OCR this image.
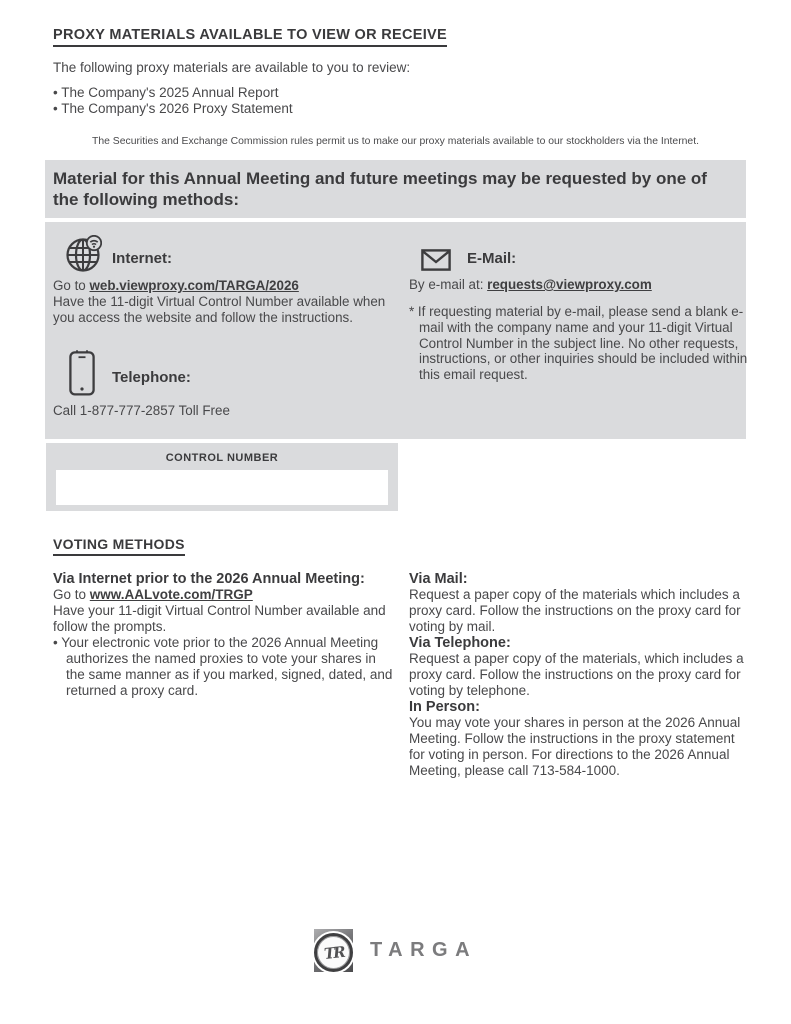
PROXY MATERIALS AVAILABLE TO VIEW OR RECEIVE
The following proxy materials are available to you to review:
• The Company's 2025 Annual Report
• The Company's 2026 Proxy Statement
The Securities and Exchange Commission rules permit us to make our proxy materials available to our stockholders via the Internet.
Material for this Annual Meeting and future meetings may be requested by one of the following methods:
Internet:
Go to web.viewproxy.com/TARGA/2026
Have the 11-digit Virtual Control Number available when you access the website and follow the instructions.
Telephone:
Call 1-877-777-2857 Toll Free
E-Mail:
By e-mail at: requests@viewproxy.com
* If requesting material by e-mail, please send a blank e-mail with the company name and your 11-digit Virtual Control Number in the subject line. No other requests, instructions, or other inquiries should be included within this email request.
CONTROL NUMBER
VOTING METHODS
Via Internet prior to the 2026 Annual Meeting:

Go to www.AALvote.com/TRGP

Have your 11-digit Virtual Control Number available and follow the prompts.

• Your electronic vote prior to the 2026 Annual Meeting authorizes the named proxies to vote your shares in the same manner as if you marked, signed, dated, and returned a proxy card.

Via Mail:

Request a paper copy of the materials which includes a proxy card. Follow the instructions on the proxy card for voting by mail.

Via Telephone:

Request a paper copy of the materials, which includes a proxy card. Follow the instructions on the proxy card for voting by telephone.

In Person:

You may vote your shares in person at the 2026 Annual Meeting. Follow the instructions in the proxy statement for voting in person. For directions to the 2026 Annual Meeting, please call 713-584-1000.

TR TARGA
